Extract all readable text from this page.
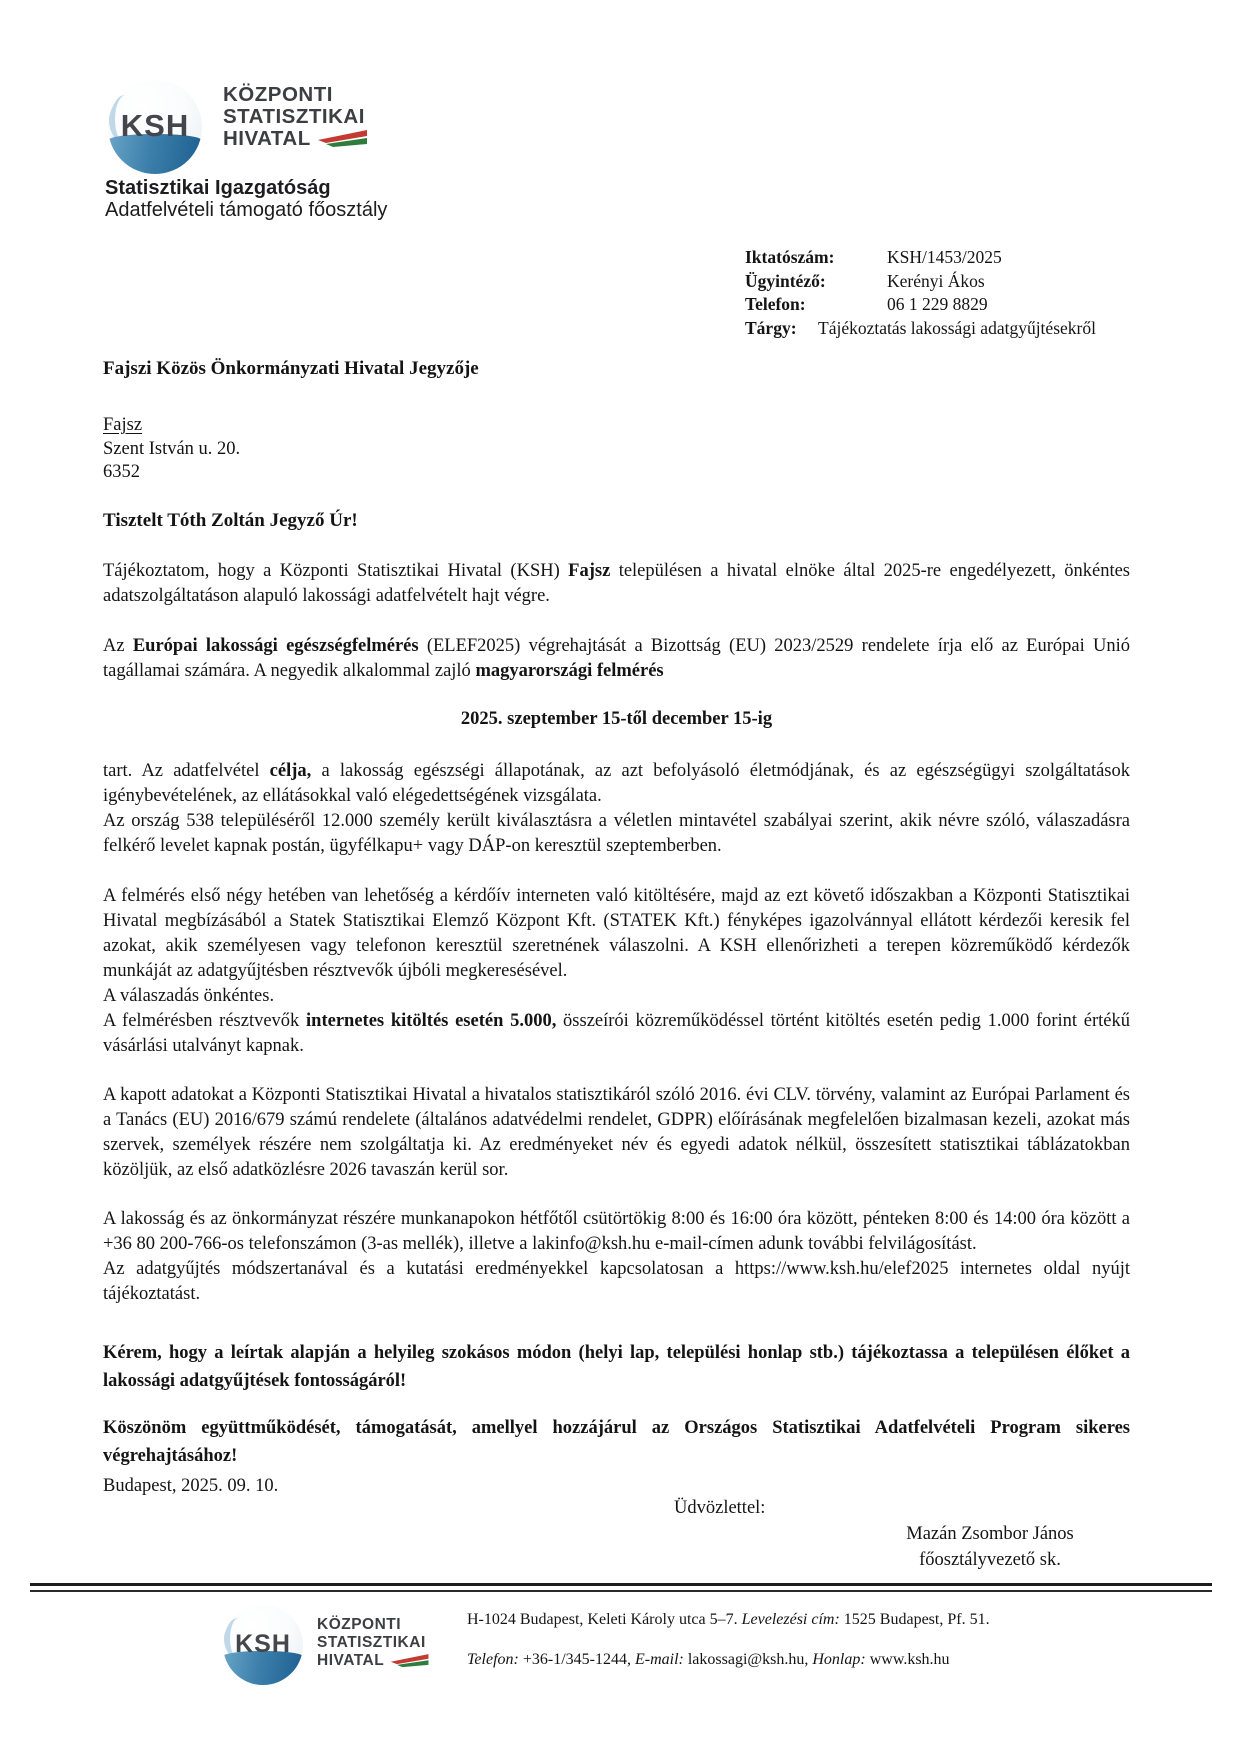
KSH
KÖZPONTI
STATISZTIKAI
HIVATAL
Statisztikai Igazgatóság
Adatfelvételi támogató főosztály
Iktatószám:	KSH/1453/2025
Ügyintéző:	Kerényi Ákos
Telefon:	06 1 229 8829
Tárgy:	Tájékoztatás lakossági adatgyűjtésekről
Fajszi Közös Önkormányzati Hivatal Jegyzője
Fajsz
Szent István u. 20.
6352
Tisztelt Tóth Zoltán Jegyző Úr!

Tájékoztatom, hogy a Központi Statisztikai Hivatal (KSH) Fajsz településen a hivatal elnöke által 2025-re engedélyezett, önkéntes adatszolgáltatáson alapuló lakossági adatfelvételt hajt végre.

Az Európai lakossági egészségfelmérés (ELEF2025) végrehajtását a Bizottság (EU) 2023/2529 rendelete írja elő az Európai Unió tagállamai számára. A negyedik alkalommal zajló magyarországi felmérés

2025. szeptember 15-től december 15-ig

tart. Az adatfelvétel célja, a lakosság egészségi állapotának, az azt befolyásoló életmódjának, és az egészségügyi szolgáltatások igénybevételének, az ellátásokkal való elégedettségének vizsgálata.
Az ország 538 településéről 12.000 személy került kiválasztásra a véletlen mintavétel szabályai szerint, akik névre szóló, válaszadásra felkérő levelet kapnak postán, ügyfélkapu+ vagy DÁP-on keresztül szeptemberben.

A felmérés első négy hetében van lehetőség a kérdőív interneten való kitöltésére, majd az ezt követő időszakban a Központi Statisztikai Hivatal megbízásából a Statek Statisztikai Elemző Központ Kft. (STATEK Kft.) fényképes igazolvánnyal ellátott kérdezői keresik fel azokat, akik személyesen vagy telefonon keresztül szeretnének válaszolni. A KSH ellenőrizheti a terepen közreműködő kérdezők munkáját az adatgyűjtésben résztvevők újbóli megkeresésével.
A válaszadás önkéntes.
A felmérésben résztvevők internetes kitöltés esetén 5.000, összeírói közreműködéssel történt kitöltés esetén pedig 1.000 forint értékű vásárlási utalványt kapnak.

A kapott adatokat a Központi Statisztikai Hivatal a hivatalos statisztikáról szóló 2016. évi CLV. törvény, valamint az Európai Parlament és a Tanács (EU) 2016/679 számú rendelete (általános adatvédelmi rendelet, GDPR) előírásának megfelelően bizalmasan kezeli, azokat más szervek, személyek részére nem szolgáltatja ki. Az eredményeket név és egyedi adatok nélkül, összesített statisztikai táblázatokban közöljük, az első adatközlésre 2026 tavaszán kerül sor.

A lakosság és az önkormányzat részére munkanapokon hétfőtől csütörtökig 8:00 és 16:00 óra között, pénteken 8:00 és 14:00 óra között a +36 80 200-766-os telefonszámon (3-as mellék), illetve a lakinfo@ksh.hu e-mail-címen adunk további felvilágosítást.
Az adatgyűjtés módszertanával és a kutatási eredményekkel kapcsolatosan a https://www.ksh.hu/elef2025 internetes oldal nyújt tájékoztatást.

Kérem, hogy a leírtak alapján a helyileg szokásos módon (helyi lap, települési honlap stb.) tájékoztassa a településen élőket a lakossági adatgyűjtések fontosságáról!

Köszönöm együttműködését, támogatását, amellyel hozzájárul az Országos Statisztikai Adatfelvételi Program sikeres végrehajtásához!

Budapest, 2025. 09. 10.
Üdvözlettel:
Mazán Zsombor János
főosztályvezető sk.
KSH
KÖZPONTI
STATISZTIKAI
HIVATAL
H-1024 Budapest, Keleti Károly utca 5–7. Levelezési cím: 1525 Budapest, Pf. 51.
Telefon: +36-1/345-1244, E-mail: lakossagi@ksh.hu, Honlap: www.ksh.hu
